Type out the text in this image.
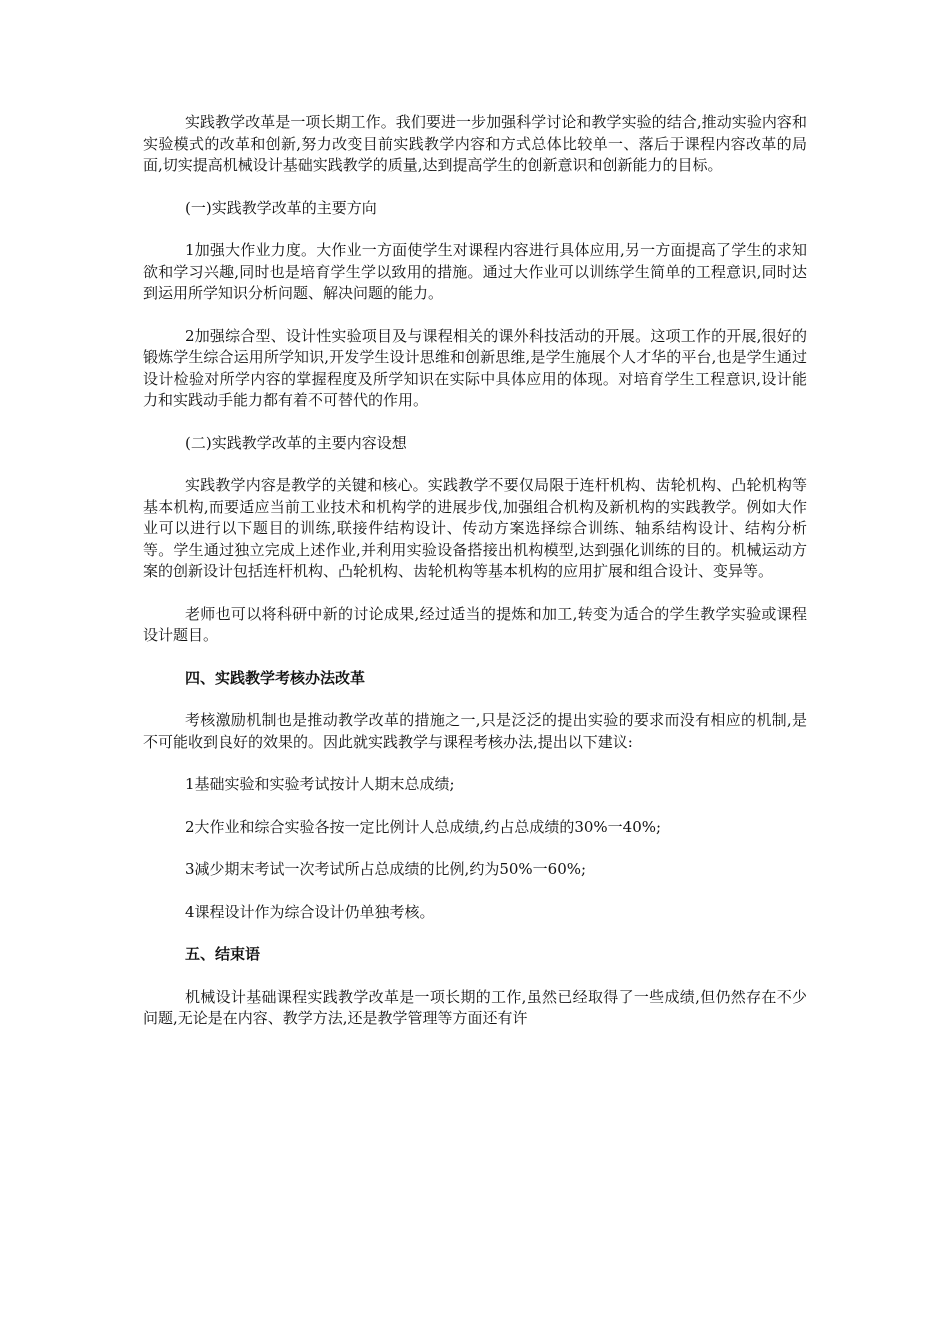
实践教学改革是一项长期工作。我们要进一步加强科学讨论和教学实验的结合,推动实验内容和实验模式的改革和创新,努力改变目前实践教学内容和方式总体比较单一、落后于课程内容改革的局面,切实提高机械设计基础实践教学的质量,达到提高学生的创新意识和创新能力的目标。

(一)实践教学改革的主要方向

1加强大作业力度。大作业一方面使学生对课程内容进行具体应用,另一方面提高了学生的求知欲和学习兴趣,同时也是培育学生学以致用的措施。通过大作业可以训练学生简单的工程意识,同时达到运用所学知识分析问题、解决问题的能力。

2加强综合型、设计性实验项目及与课程相关的课外科技活动的开展。这项工作的开展,很好的锻炼学生综合运用所学知识,开发学生设计思维和创新思维,是学生施展个人才华的平台,也是学生通过设计检验对所学内容的掌握程度及所学知识在实际中具体应用的体现。对培育学生工程意识,设计能力和实践动手能力都有着不可替代的作用。

(二)实践教学改革的主要内容设想

实践教学内容是教学的关键和核心。实践教学不要仅局限于连杆机构、齿轮机构、凸轮机构等基本机构,而要适应当前工业技术和机构学的进展步伐,加强组合机构及新机构的实践教学。例如大作业可以进行以下题目的训练,联接件结构设计、传动方案选择综合训练、轴系结构设计、结构分析等。学生通过独立完成上述作业,并利用实验设备搭接出机构模型,达到强化训练的目的。机械运动方案的创新设计包括连杆机构、凸轮机构、齿轮机构等基本机构的应用扩展和组合设计、变异等。

老师也可以将科研中新的讨论成果,经过适当的提炼和加工,转变为适合的学生教学实验或课程设计题目。

四、实践教学考核办法改革

考核激励机制也是推动教学改革的措施之一,只是泛泛的提出实验的要求而没有相应的机制,是不可能收到良好的效果的。因此就实践教学与课程考核办法,提出以下建议:

1基础实验和实验考试按计人期末总成绩;

2大作业和综合实验各按一定比例计人总成绩,约占总成绩的30%一40%;

3减少期末考试一次考试所占总成绩的比例,约为50%一60%;

4课程设计作为综合设计仍单独考核。

五、结束语

机械设计基础课程实践教学改革是一项长期的工作,虽然已经取得了一些成绩,但仍然存在不少问题,无论是在内容、教学方法,还是教学管理等方面还有许
